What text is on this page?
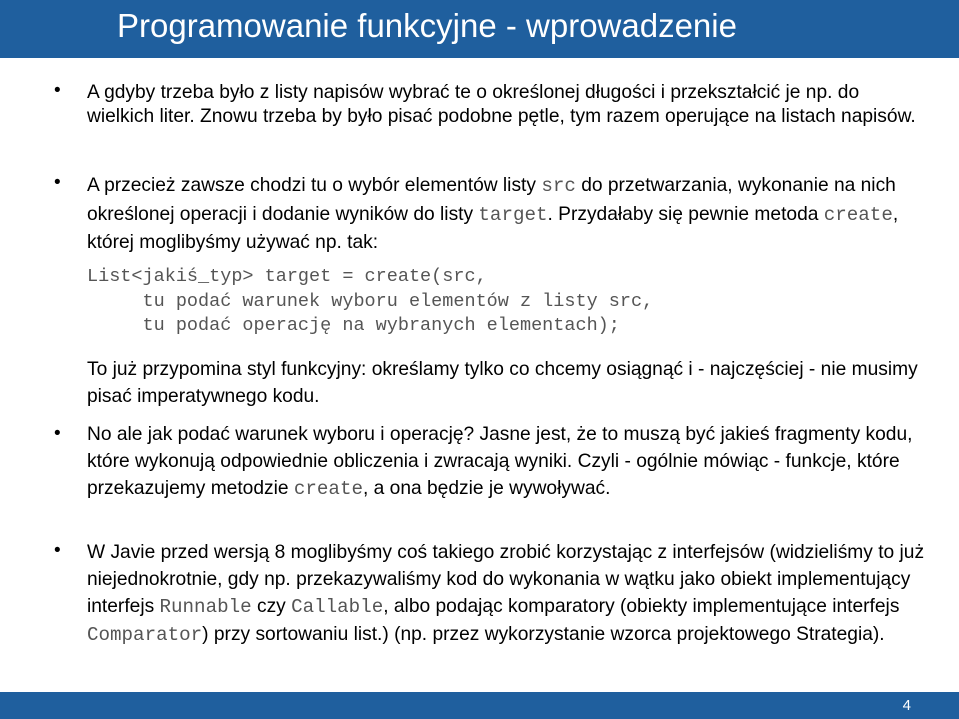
Programowanie funkcyjne - wprowadzenie
• A gdyby trzeba było z listy napisów wybrać te o określonej długości i przekształcić je np. do wielkich liter. Znowu trzeba by było pisać podobne pętle, tym razem operujące na listach napisów.
• A przecież zawsze chodzi tu o wybór elementów listy src do przetwarzania, wykonanie na nich określonej operacji i dodanie wyników do listy target. Przydałaby się pewnie metoda create, której moglibyśmy używać np. tak:
List<jakiś_typ> target = create(src,
tu podać warunek wyboru elementów z listy src,
tu podać operację na wybranych elementach);
To już przypomina styl funkcyjny: określamy tylko co chcemy osiągnąć i - najczęściej - nie musimy pisać imperatywnego kodu.
• No ale jak podać warunek wyboru i operację? Jasne jest, że to muszą być jakieś fragmenty kodu, które wykonują odpowiednie obliczenia i zwracają wyniki. Czyli - ogólnie mówiąc - funkcje, które przekazujemy metodzie create, a ona będzie je wywoływać.
• W Javie przed wersją 8 moglibyśmy coś takiego zrobić korzystając z interfejsów (widzieliśmy to już niejednokrotnie, gdy np. przekazywaliśmy kod do wykonania w wątku jako obiekt implementujący interfejs Runnable czy Callable, albo podając komparatory (obiekty implementujące interfejs Comparator) przy sortowaniu list.) (np. przez wykorzystanie wzorca projektowego Strategia).
4
